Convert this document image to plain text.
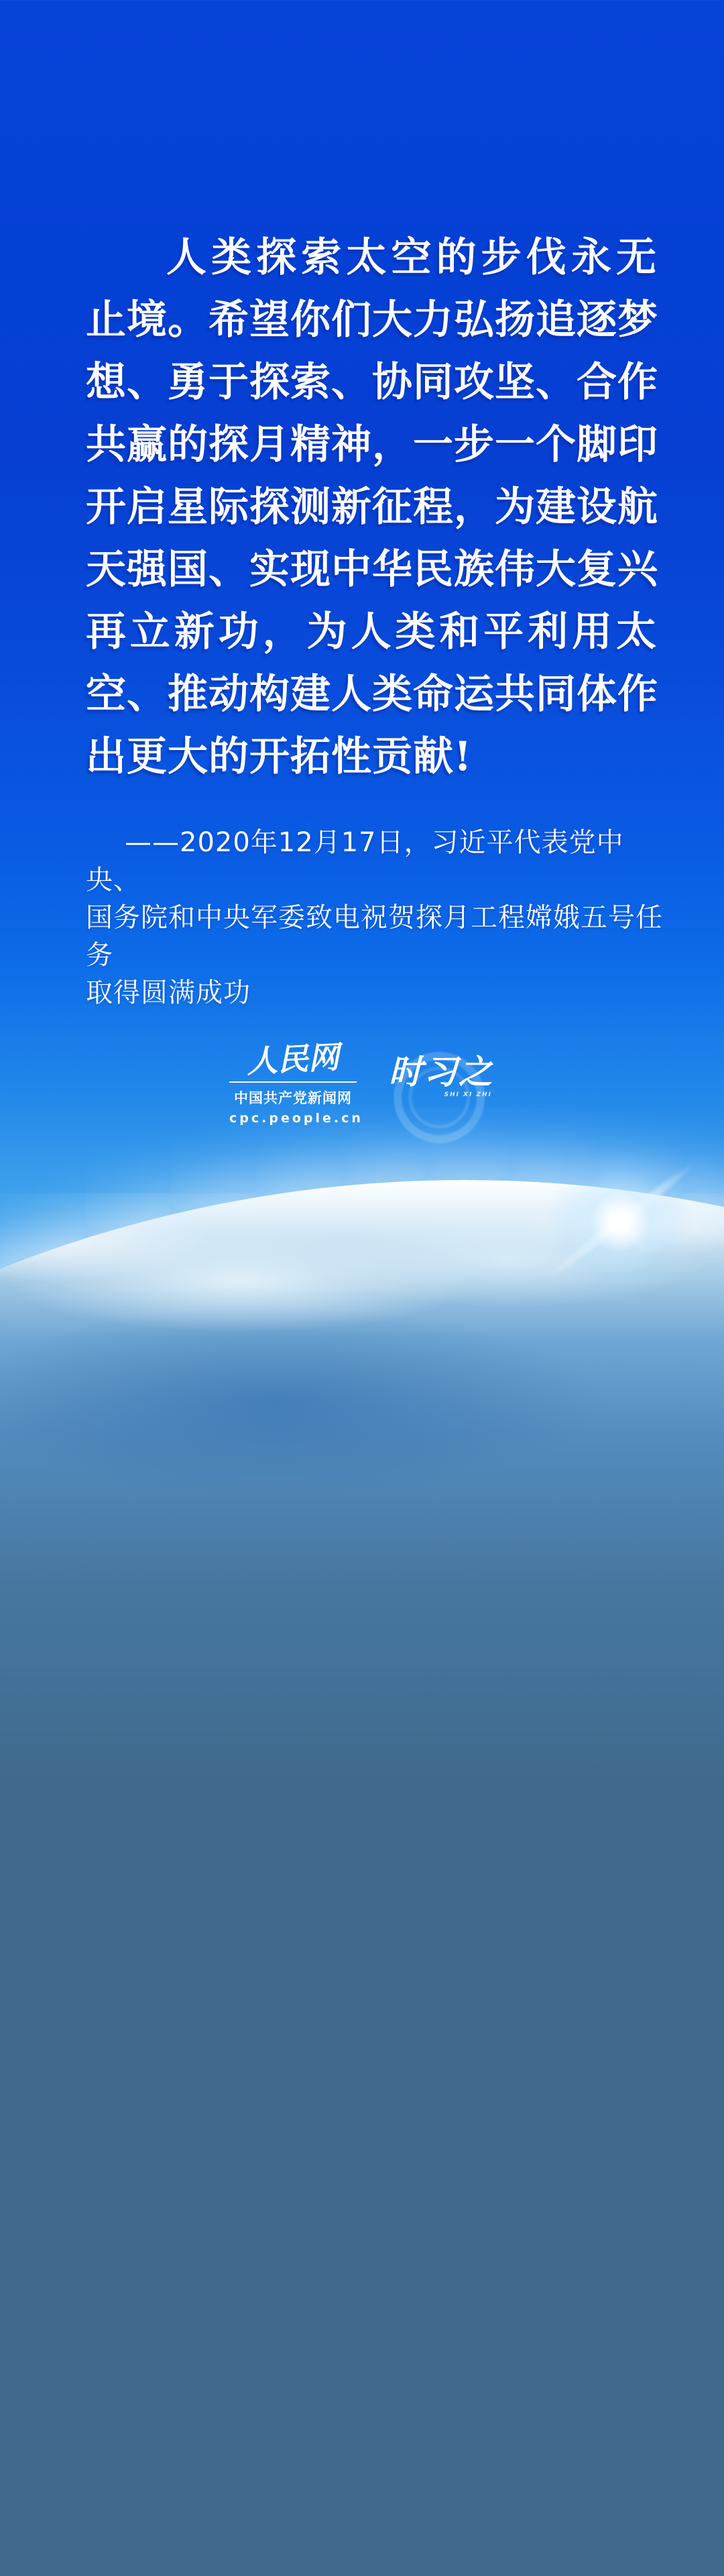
人类探索太空的步伐永无
止境。希望你们大力弘扬追逐梦
想、勇于探索、协同攻坚、合作
共赢的探月精神，一步一个脚印
开启星际探测新征程，为建设航
天强国、实现中华民族伟大复兴
再立新功，为人类和平利用太
空、推动构建人类命运共同体作
出更大的开拓性贡献!
——2020年12月17日，习近平代表党中央、
国务院和中央军委致电祝贺探月工程嫦娥五号任务
取得圆满成功
人民网
中国共产党新闻网
cpc.people.cn
时习之
SHI XI ZHI
